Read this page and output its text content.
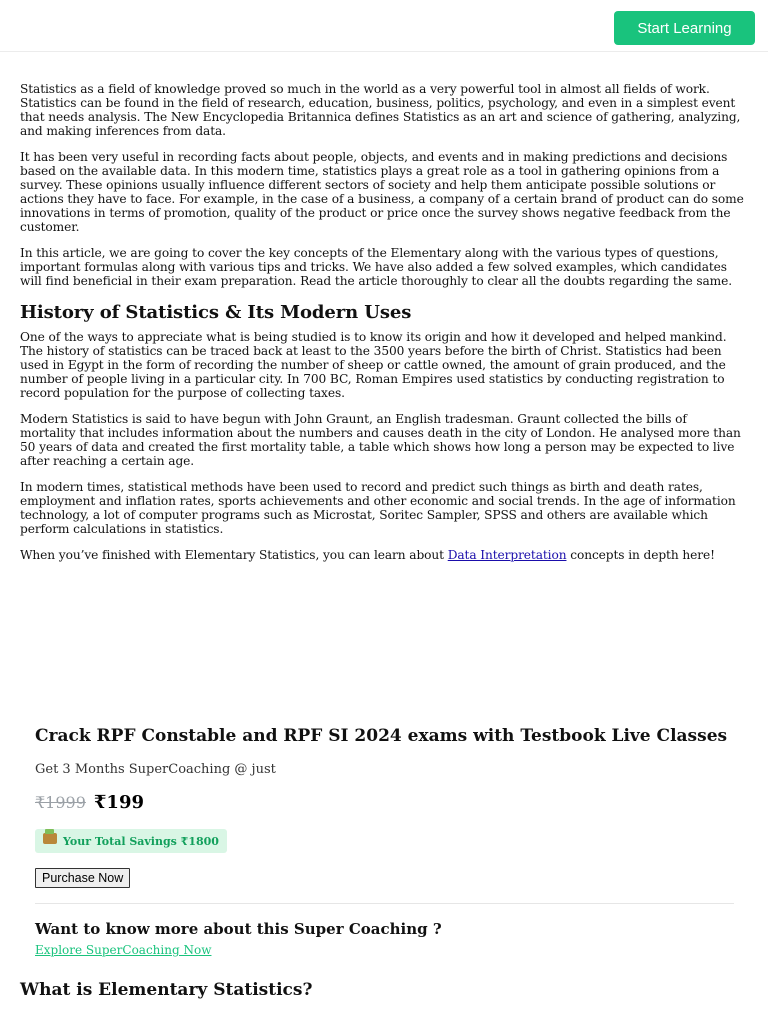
Start Learning

Statistics as a field of knowledge proved so much in the world as a very powerful tool in almost all fields of work. Statistics can be found in the field of research, education, business, politics, psychology, and even in a simplest event that needs analysis. The New Encyclopedia Britannica defines Statistics as an art and science of gathering, analyzing, and making inferences from data.

It has been very useful in recording facts about people, objects, and events and in making predictions and decisions based on the available data. In this modern time, statistics plays a great role as a tool in gathering opinions from a survey. These opinions usually influence different sectors of society and help them anticipate possible solutions or actions they have to face. For example, in the case of a business, a company of a certain brand of product can do some innovations in terms of promotion, quality of the product or price once the survey shows negative feedback from the customer.

In this article, we are going to cover the key concepts of the Elementary along with the various types of questions, important formulas along with various tips and tricks. We have also added a few solved examples, which candidates will find beneficial in their exam preparation. Read the article thoroughly to clear all the doubts regarding the same.

History of Statistics & Its Modern Uses

One of the ways to appreciate what is being studied is to know its origin and how it developed and helped mankind. The history of statistics can be traced back at least to the 3500 years before the birth of Christ. Statistics had been used in Egypt in the form of recording the number of sheep or cattle owned, the amount of grain produced, and the number of people living in a particular city. In 700 BC, Roman Empires used statistics by conducting registration to record population for the purpose of collecting taxes.

Modern Statistics is said to have begun with John Graunt, an English tradesman. Graunt collected the bills of mortality that includes information about the numbers and causes death in the city of London. He analysed more than 50 years of data and created the first mortality table, a table which shows how long a person may be expected to live after reaching a certain age.

In modern times, statistical methods have been used to record and predict such things as birth and death rates, employment and inflation rates, sports achievements and other economic and social trends. In the age of information technology, a lot of computer programs such as Microstat, Soritec Sampler, SPSS and others are available which perform calculations in statistics.

When you’ve finished with Elementary Statistics, you can learn about Data Interpretation concepts in depth here!

Crack RPF Constable and RPF SI 2024 exams with Testbook Live Classes
Get 3 Months SuperCoaching @ just
₹1999 ₹199
Your Total Savings ₹1800
Purchase Now
Want to know more about this Super Coaching ?
Explore SuperCoaching Now
What is Elementary Statistics?
